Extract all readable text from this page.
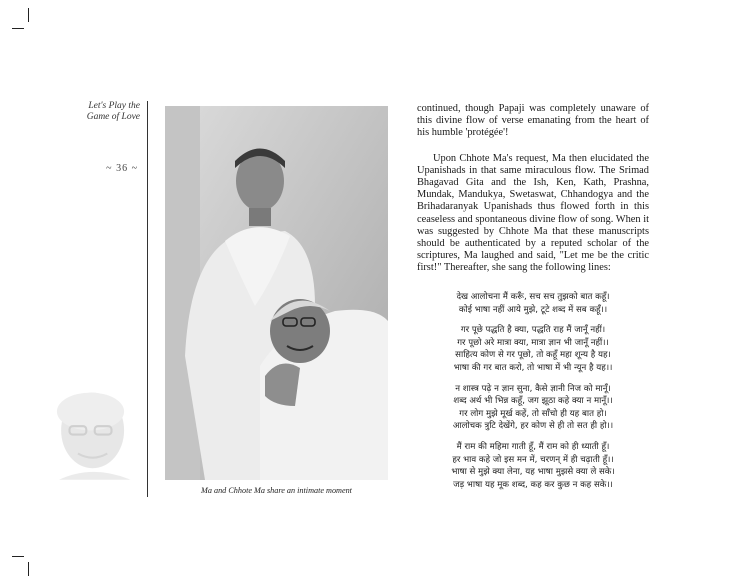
Let's Play the
Game of Love
~ 36 ~
Ma and Chhote Ma share an intimate moment

continued, though Papaji was completely unaware of this divine flow of verse emanating from the heart of his humble 'protégée'!

Upon Chhote Ma's request, Ma then elucidated the Upanishads in that same miraculous flow. The Srimad Bhagavad Gita and the Ish, Ken, Kath, Prashna, Mundak, Mandukya, Swetaswat, Chhandogya and the Brihadaranyak Upanishads thus flowed forth in this ceaseless and spontaneous divine flow of song. When it was suggested by Chhote Ma that these manuscripts should be authenticated by a reputed scholar of the scriptures, Ma laughed and said, "Let me be the critic first!" Thereafter, she sang the following lines:

देख आलोचना मैं करूँ, सच सच तुझको बात कहूँ।
कोई भाषा नहीं आये मुझे, टूटे शब्द में सब कहूँ।।
गर पूछे पद्धति है क्या, पद्धति राह मैं जानूँ नहीं।
गर पूछो अरे मात्रा क्या, मात्रा ज्ञान भी जानूँ नहीं।।
साहित्य कोण से गर पूछो, तो कहूँ महा शून्य है यह।
भाषा की गर बात करो, तो भाषा में भी न्यून है यह।।
न शास्त्र पढ़े न ज्ञान सुना, कैसे ज्ञानी निज को मानूँ।
शब्द अर्थ भी भिन्न कहूँ, जग झूठा कहे क्या न मानूँ।।
गर लोग मुझे मूर्ख कहें, तो साँचो ही यह बात हो।
आलोचक त्रुटि देखेंगे, हर कोण से ही तो सत ही हो।।
मैं राम की महिमा गाती हूँ, मैं राम को ही ध्याती हूँ।
हर भाव कहे जो इस मन में, चरणन् में ही चढ़ाती हूँ।।
भाषा से मुझे क्या लेना, यह भाषा मुझसे क्या ले सके।
जड़ भाषा यह मूक शब्द, कह कर कुछ न कह सके।।
